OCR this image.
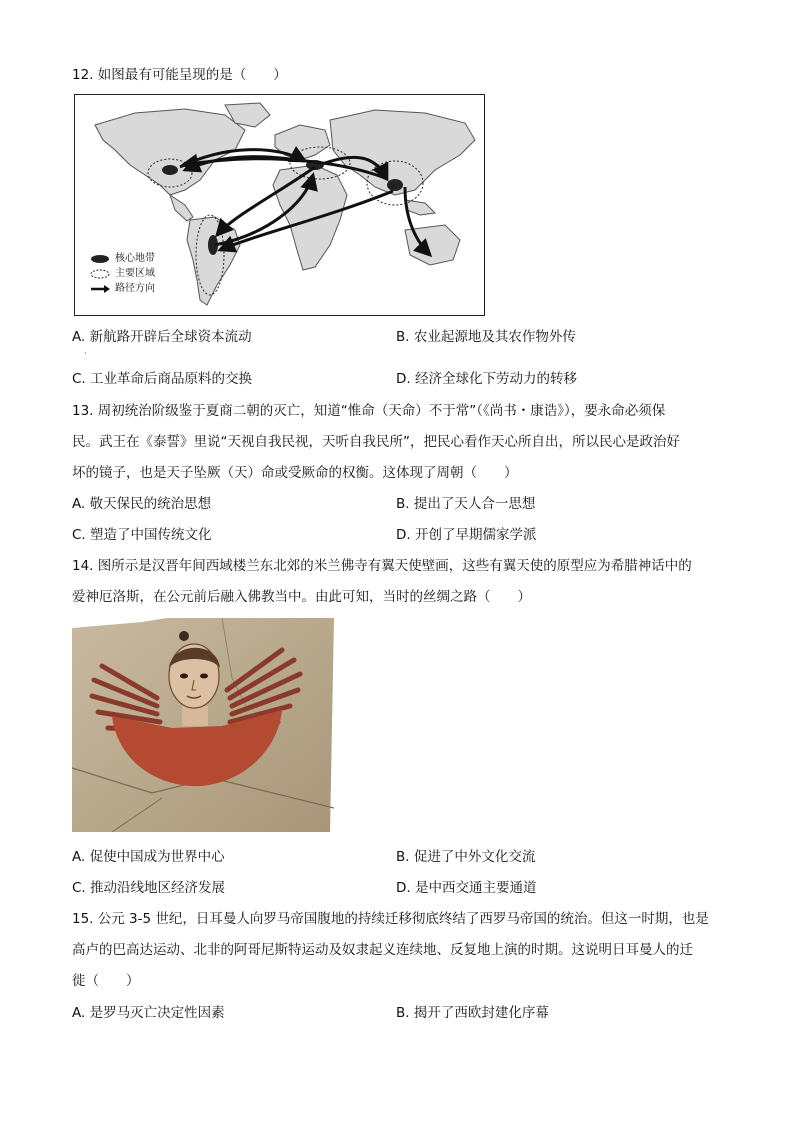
12. 如图最有可能呈现的是（　　）
核心地带
主要区域
路径方向
A. 新航路开辟后全球资本流动	B. 农业起源地及其农作物外传
·
C. 工业革命后商品原料的交换	D. 经济全球化下劳动力的转移
13. 周初统治阶级鉴于夏商二朝的灭亡，知道“惟命（天命）不于常”（《尚书・康诰》），要永命必须保
民。武王在《泰誓》里说“天视自我民视，天听自我民所”，把民心看作天心所自出，所以民心是政治好
坏的镜子，也是天子坠厥（天）命或受厥命的权衡。这体现了周朝（　　）
A. 敬天保民的统治思想	B. 提出了天人合一思想
C. 塑造了中国传统文化	D. 开创了早期儒家学派
14. 图所示是汉晋年间西域楼兰东北郊的米兰佛寺有翼天使壁画，这些有翼天使的原型应为希腊神话中的
爱神厄洛斯，在公元前后融入佛教当中。由此可知，当时的丝绸之路（　　）
A. 促使中国成为世界中心	B. 促进了中外文化交流
C. 推动沿线地区经济发展	D. 是中西交通主要通道
15. 公元 3-5 世纪，日耳曼人向罗马帝国腹地的持续迁移彻底终结了西罗马帝国的统治。但这一时期，也是
高卢的巴高达运动、北非的阿哥尼斯特运动及奴隶起义连续地、反复地上演的时期。这说明日耳曼人的迁
徙（　　）
A. 是罗马灭亡决定性因素	B. 揭开了西欧封建化序幕
